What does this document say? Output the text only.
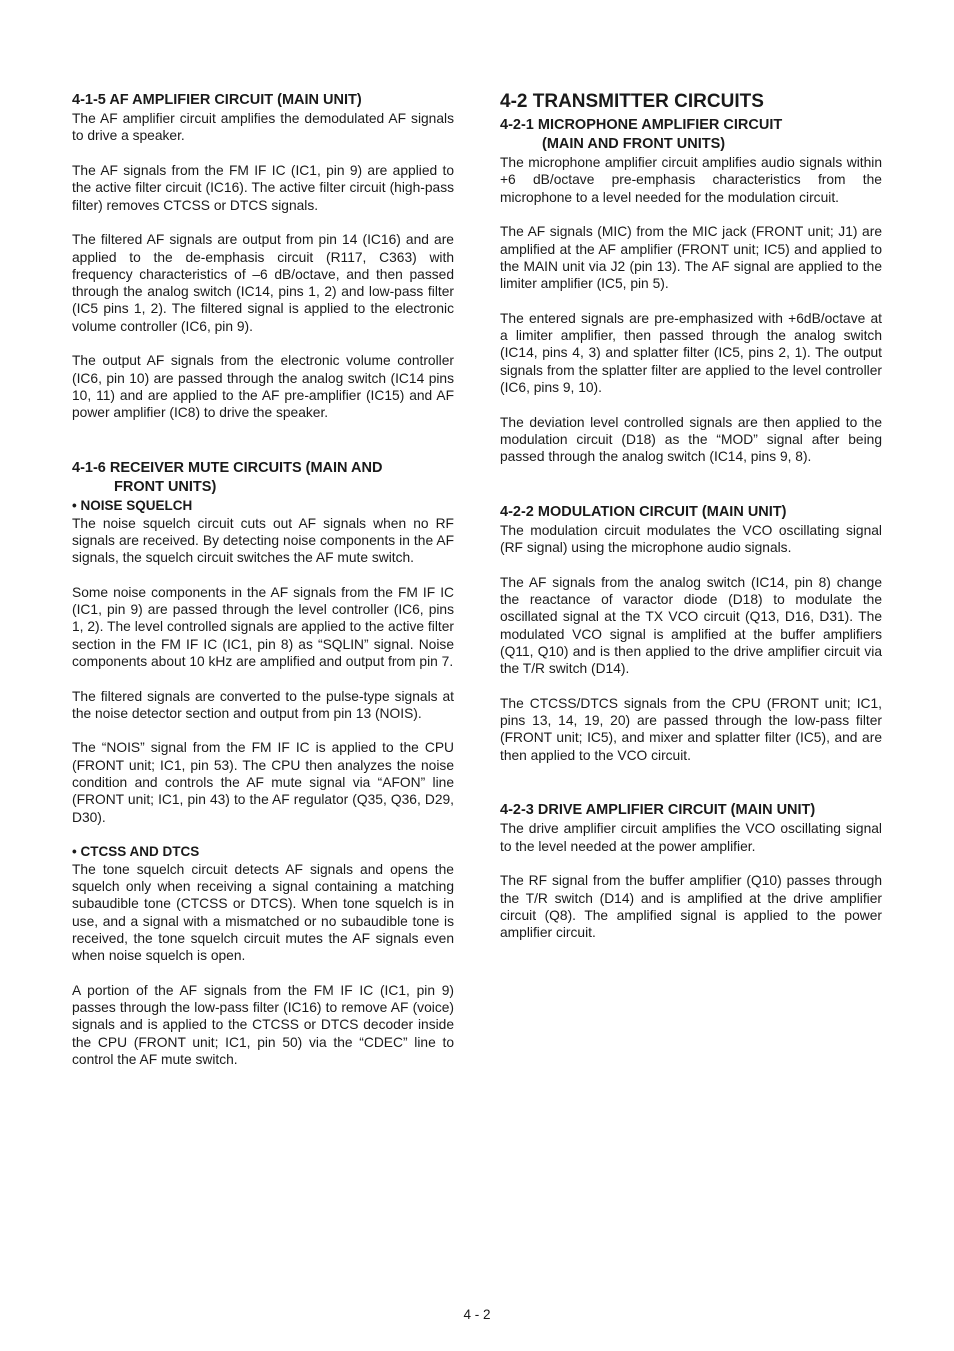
4-1-5 AF AMPLIFIER CIRCUIT (MAIN UNIT)

The AF amplifier circuit amplifies the demodulated AF signals to drive a speaker.

The AF signals from the FM IF IC (IC1, pin 9) are applied to the active filter circuit (IC16). The active filter circuit (high-pass filter) removes CTCSS or DTCS signals.

The filtered AF signals are output from pin 14 (IC16) and are applied to the de-emphasis circuit (R117, C363) with frequency characteristics of –6 dB/octave, and then passed through the analog switch (IC14, pins 1, 2) and low-pass filter (IC5 pins 1, 2). The filtered signal is applied to the electronic volume controller (IC6, pin 9).

The output AF signals from the electronic volume controller (IC6, pin 10) are passed through the analog switch (IC14 pins 10, 11) and are applied to the AF pre-amplifier (IC15) and AF power amplifier (IC8) to drive the speaker.

4-1-6 RECEIVER MUTE CIRCUITS (MAIN AND
FRONT UNITS)
• NOISE SQUELCH

The noise squelch circuit cuts out AF signals when no RF signals are received. By detecting noise components in the AF signals, the squelch circuit switches the AF mute switch.

Some noise components in the AF signals from the FM IF IC (IC1, pin 9) are passed through the level controller (IC6, pins 1, 2). The level controlled signals are applied to the active filter section in the FM IF IC (IC1, pin 8) as “SQLIN” signal. Noise components about 10 kHz are amplified and output from pin 7.

The filtered signals are converted to the pulse-type signals at the noise detector section and output from pin 13 (NOIS).

The “NOIS” signal from the FM IF IC is applied to the CPU (FRONT unit; IC1, pin 53). The CPU then analyzes the noise condition and controls the AF mute signal via “AFON” line (FRONT unit; IC1, pin 43) to the AF regulator (Q35, Q36, D29, D30).

• CTCSS AND DTCS

The tone squelch circuit detects AF signals and opens the squelch only when receiving a signal containing a matching subaudible tone (CTCSS or DTCS). When tone squelch is in use, and a signal with a mismatched or no subaudible tone is received, the tone squelch circuit mutes the AF signals even when noise squelch is open.

A portion of the AF signals from the FM IF IC (IC1, pin 9) passes through the low-pass filter (IC16) to remove AF (voice) signals and is applied to the CTCSS or DTCS decoder inside the CPU (FRONT unit; IC1, pin 50) via the “CDEC” line to control the AF mute switch.

4-2 TRANSMITTER CIRCUITS
4-2-1 MICROPHONE AMPLIFIER CIRCUIT
(MAIN AND FRONT UNITS)

The microphone amplifier circuit amplifies audio signals within +6 dB/octave pre-emphasis characteristics from the microphone to a level needed for the modulation circuit.

The AF signals (MIC) from the MIC jack (FRONT unit; J1) are amplified at the AF amplifier (FRONT unit; IC5) and applied to the MAIN unit via J2 (pin 13). The AF signal are applied to the limiter amplifier (IC5, pin 5).

The entered signals are pre-emphasized with +6dB/octave at a limiter amplifier, then passed through the analog switch (IC14, pins 4, 3) and splatter filter (IC5, pins 2, 1). The output signals from the splatter filter are applied to the level controller (IC6, pins 9, 10).

The deviation level controlled signals are then applied to the modulation circuit (D18) as the “MOD” signal after being passed through the analog switch (IC14, pins 9, 8).

4-2-2 MODULATION CIRCUIT (MAIN UNIT)

The modulation circuit modulates the VCO oscillating signal (RF signal) using the microphone audio signals.

The AF signals from the analog switch (IC14, pin 8) change the reactance of varactor diode (D18) to modulate the oscillated signal at the TX VCO circuit (Q13, D16, D31). The modulated VCO signal is amplified at the buffer amplifiers (Q11, Q10) and is then applied to the drive amplifier circuit via the T/R switch (D14).

The CTCSS/DTCS signals from the CPU (FRONT unit; IC1, pins 13, 14, 19, 20) are passed through the low-pass filter (FRONT unit; IC5), and mixer and splatter filter (IC5), and are then applied to the VCO circuit.

4-2-3 DRIVE AMPLIFIER CIRCUIT (MAIN UNIT)

The drive amplifier circuit amplifies the VCO oscillating signal to the level needed at the power amplifier.

The RF signal from the buffer amplifier (Q10) passes through the T/R switch (D14) and is amplified at the drive amplifier circuit (Q8). The amplified signal is applied to the power amplifier circuit.

4 - 2
